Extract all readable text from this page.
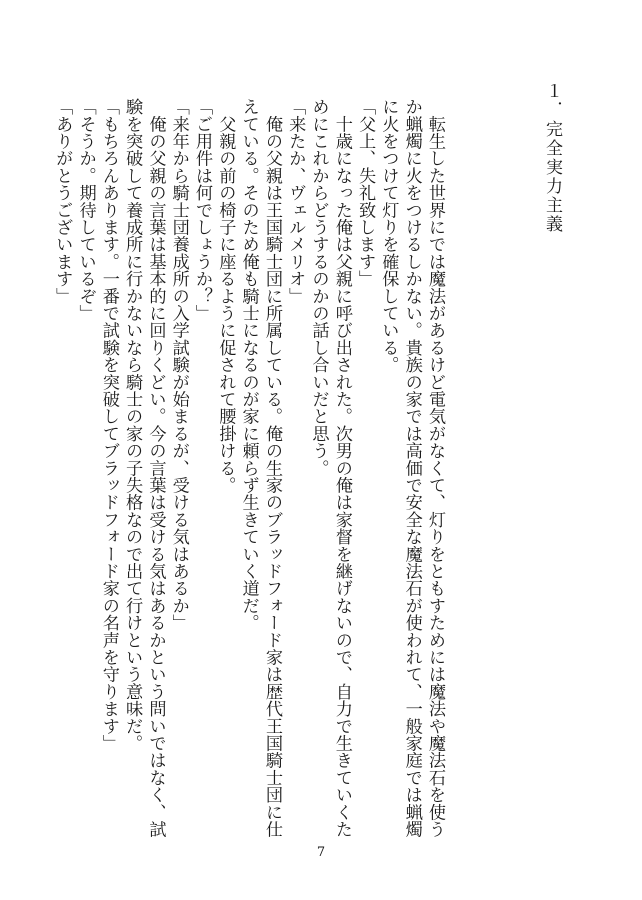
１．完全実力主義

　転生した世界にでは魔法があるけど電気がなくて、灯りをともすためには魔法や魔法石を使うか蝋燭に火をつけるしかない。貴族の家では高価で安全な魔法石が使われて、一般家庭では蝋燭に火をつけて灯りを確保している。

「父上、失礼致します」

　十歳になった俺は父親に呼び出された。次男の俺は家督を継げないので、自力で生きていくためにこれからどうするのかの話し合いだと思う。

「来たか、ヴェルメリオ」

　俺の父親は王国騎士団に所属している。俺の生家のブラッドフォード家は歴代王国騎士団に仕えている。そのため俺も騎士になるのが家に頼らず生きていく道だ。

　父親の前の椅子に座るように促されて腰掛ける。

「ご用件は何でしょうか？」

「来年から騎士団養成所の入学試験が始まるが、受ける気はあるか」

　俺の父親の言葉は基本的に回りくどい。今の言葉は受ける気はあるかという問いではなく、試験を突破して養成所に行かないなら騎士の家の子失格なので出て行けという意味だ。

「もちろんあります。一番で試験を突破してブラッドフォード家の名声を守ります」

「そうか。期待しているぞ」

「ありがとうございます」

7
